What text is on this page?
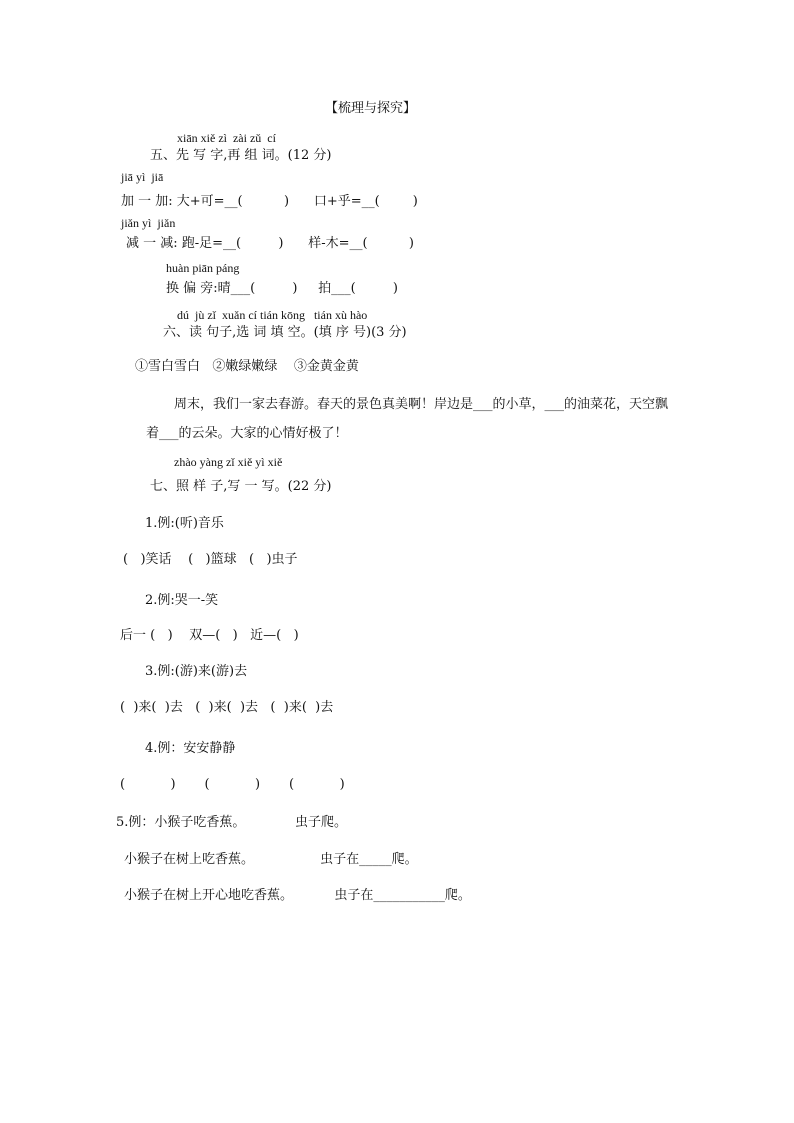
【梳理与探究】
xiān xiě zì  zài zǔ  cí
五、先 写 字,再 组 词。(12 分)
jiā yì  jiā
加 一 加: 大+可=__(          )      口+乎=__(        )
jiǎn yì  jiǎn
减 一 减: 跑-足=__(         )      样-木=__(          )
huàn piān páng
换 偏 旁:晴___(         )     拍___(         )
dú  jù zǐ  xuǎn cí tián kōng   tián xù hào
六、读 句子,选 词 填 空。(填 序 号)(3 分)
①雪白雪白   ②嫩绿嫩绿    ③金黄金黄
周末，我们一家去春游。春天的景色真美啊！岸边是___的小草，___的油菜花，天空飘
着___的云朵。大家的心情好极了！
zhào yàng zǐ xiě yì xiě
七、照 样 子,写 一 写。(22 分)
1.例:(听)音乐
(   )笑话    (   )篮球   (   )虫子
2.例:哭一-笑
后一 (   )    双—(   )   近—(   )
3.例:(游)来(游)去
(  )来(  )去   (  )来(  )去   (  )来(  )去
4.例：安安静静
(           )       (           )       (           )
5.例：小猴子吃香蕉。            虫子爬。
小猴子在树上吃香蕉。                虫子在_____爬。
小猴子在树上开心地吃香蕉。          虫子在___________爬。
